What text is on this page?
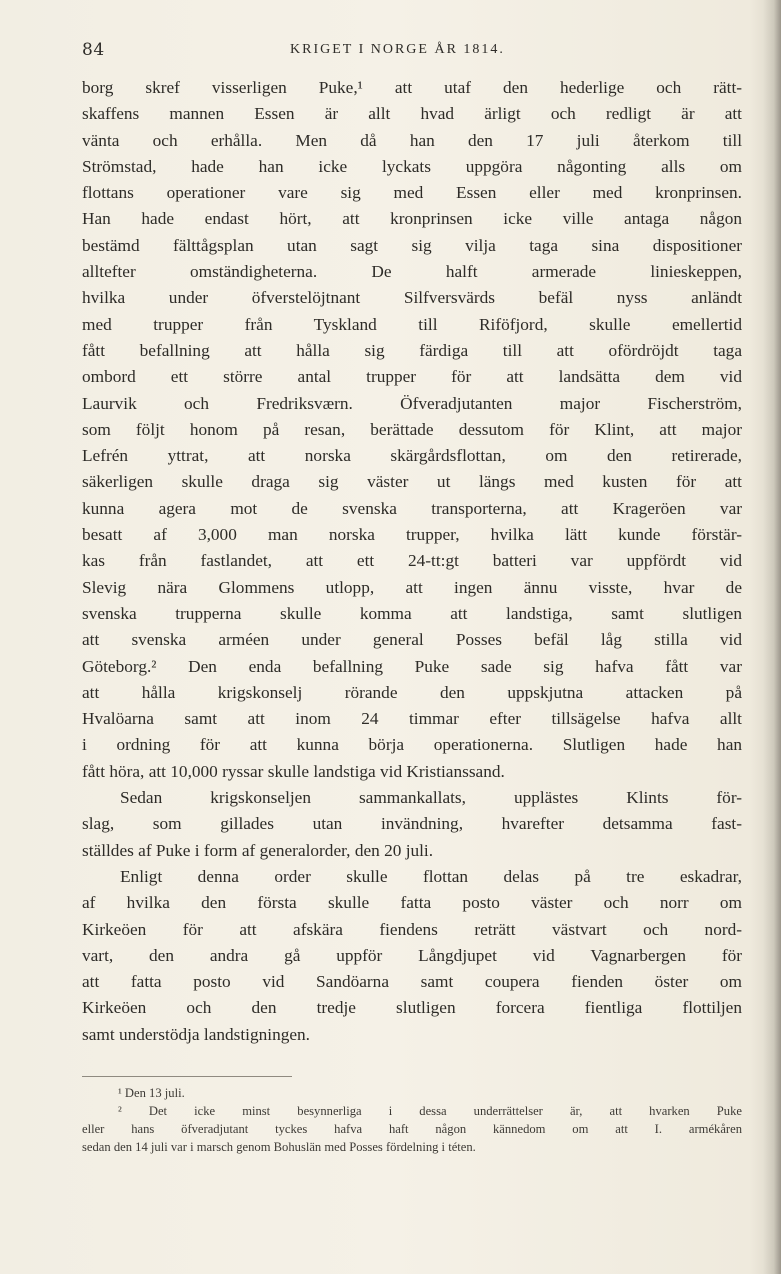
84	KRIGET I NORGE ÅR 1814.
borg skref visserligen Puke,¹ att utaf den hederlige och rätt-
skaffens mannen Essen är allt hvad ärligt och redligt är att
vänta och erhålla. Men då han den 17 juli återkom till
Strömstad, hade han icke lyckats uppgöra någonting alls om
flottans operationer vare sig med Essen eller med kronprinsen.
Han hade endast hört, att kronprinsen icke ville antaga någon
bestämd fälttågsplan utan sagt sig vilja taga sina dispositioner
alltefter omständigheterna. De halft armerade linieskeppen,
hvilka under öfverstelöjtnant Silfversvärds befäl nyss anländt
med trupper från Tyskland till Riföfjord, skulle emellertid
fått befallning att hålla sig färdiga till att ofördröjdt taga
ombord ett större antal trupper för att landsätta dem vid
Laurvik och Fredriksværn. Öfveradjutanten major Fischerström,
som följt honom på resan, berättade dessutom för Klint, att major
Lefrén yttrat, att norska skärgårdsflottan, om den retirerade,
säkerligen skulle draga sig väster ut längs med kusten för att
kunna agera mot de svenska transporterna, att Krageröen var
besatt af 3,000 man norska trupper, hvilka lätt kunde förstär-
kas från fastlandet, att ett 24-tt:gt batteri var uppfördt vid
Slevig nära Glommens utlopp, att ingen ännu visste, hvar de
svenska trupperna skulle komma att landstiga, samt slutligen
att svenska arméen under general Posses befäl låg stilla vid
Göteborg.² Den enda befallning Puke sade sig hafva fått var
att hålla krigskonselj rörande den uppskjutna attacken på
Hvalöarna samt att inom 24 timmar efter tillsägelse hafva allt
i ordning för att kunna börja operationerna. Slutligen hade han
fått höra, att 10,000 ryssar skulle landstiga vid Kristianssand.
Sedan krigskonseljen sammankallats, upplästes Klints för-
slag, som gillades utan invändning, hvarefter detsamma fast-
ställdes af Puke i form af generalorder, den 20 juli.
Enligt denna order skulle flottan delas på tre eskadrar,
af hvilka den första skulle fatta posto väster och norr om
Kirkeöen för att afskära fiendens reträtt västvart och nord-
vart, den andra gå uppför Långdjupet vid Vagnarbergen för
att fatta posto vid Sandöarna samt coupera fienden öster om
Kirkeöen och den tredje slutligen forcera fientliga flottiljen
samt understödja landstigningen.
¹ Den 13 juli.
² Det icke minst besynnerliga i dessa underrättelser är, att hvarken Puke
eller hans öfveradjutant tyckes hafva haft någon kännedom om att I. armékåren
sedan den 14 juli var i marsch genom Bohuslän med Posses fördelning i téten.
